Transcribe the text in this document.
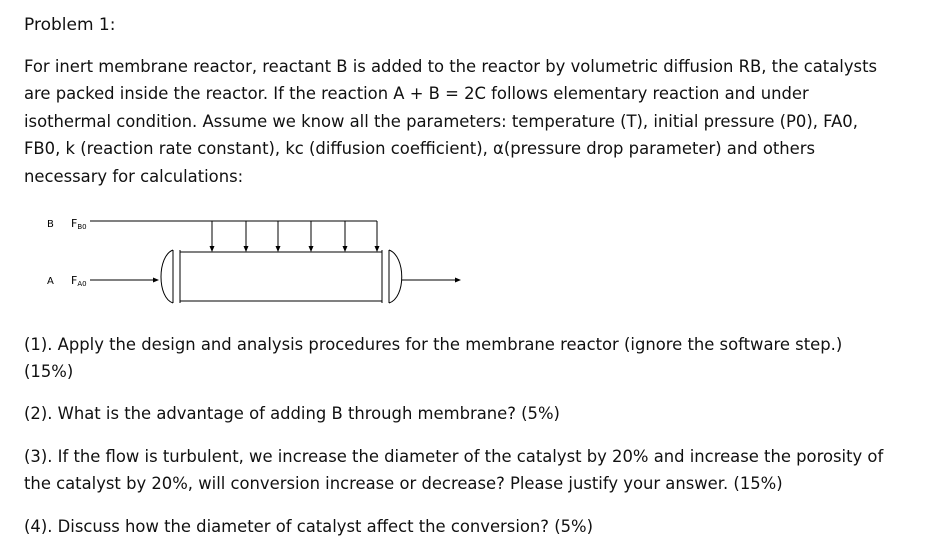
Problem 1:
For inert membrane reactor, reactant B is added to the reactor by volumetric diffusion RB, the catalysts
are packed inside the reactor. If the reaction A + B = 2C follows elementary reaction and under
isothermal condition. Assume we know all the parameters: temperature (T), initial pressure (P0), FA0,
FB0, k (reaction rate constant), kc (diffusion coefficient), α(pressure drop parameter) and others
necessary for calculations:
B FB0
A FA0
(1). Apply the design and analysis procedures for the membrane reactor (ignore the software step.)
(15%)
(2). What is the advantage of adding B through membrane? (5%)
(3). If the flow is turbulent, we increase the diameter of the catalyst by 20% and increase the porosity of
the catalyst by 20%, will conversion increase or decrease? Please justify your answer. (15%)
(4). Discuss how the diameter of catalyst affect the conversion? (5%)
